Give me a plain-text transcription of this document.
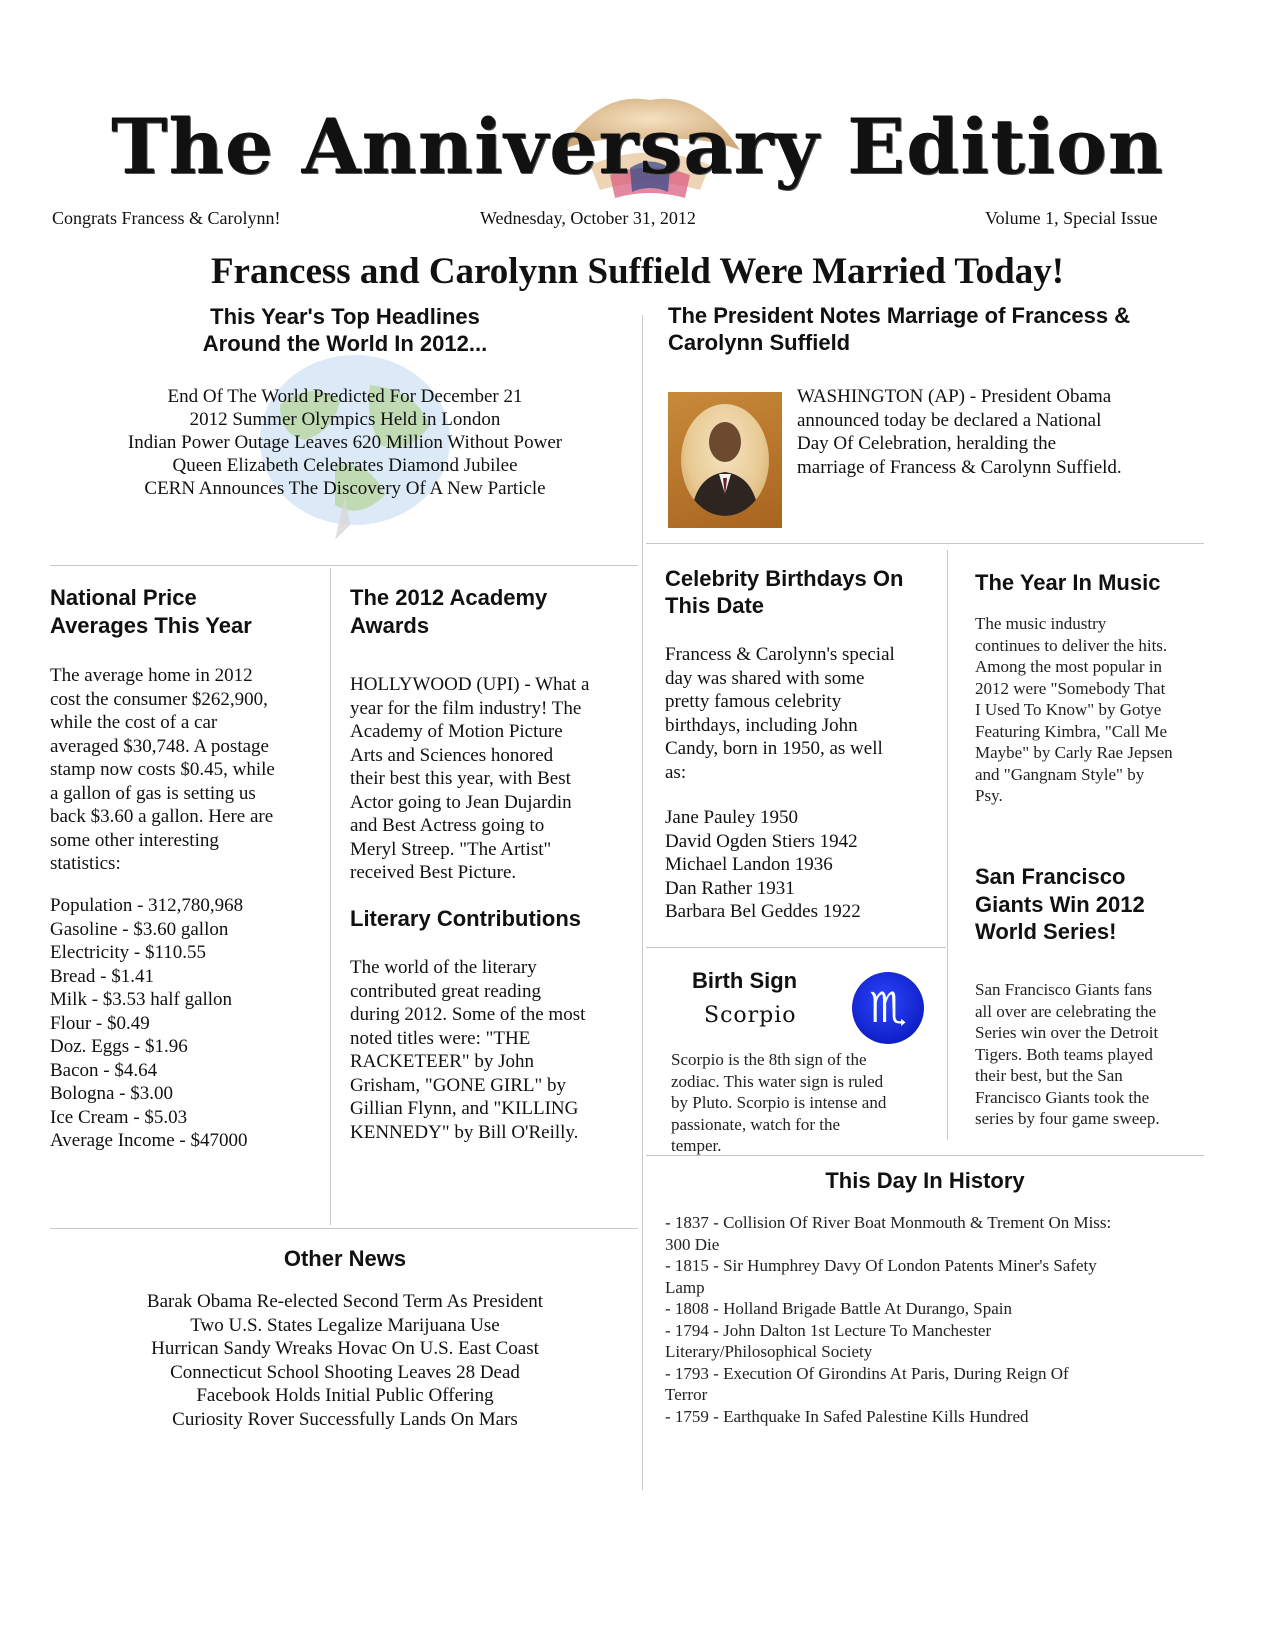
The Anniversary Edition
Congrats Francess & Carolynn!	Wednesday, October 31, 2012	Volume 1, Special Issue
Francess and Carolynn Suffield Were Married Today!
This Year's Top Headlines
Around the World In 2012...
End Of The World Predicted For December 21
2012 Summer Olympics Held in London
Indian Power Outage Leaves 620 Million Without Power
Queen Elizabeth Celebrates Diamond Jubilee
CERN Announces The Discovery Of A New Particle
The President Notes Marriage of Francess &
Carolynn Suffield
WASHINGTON (AP) - President Obama
announced today be declared a National
Day Of Celebration, heralding the
marriage of Francess & Carolynn Suffield.
National Price
Averages This Year
The average home in 2012
cost the consumer $262,900,
while the cost of a car
averaged $30,748. A postage
stamp now costs $0.45, while
a gallon of gas is setting us
back $3.60 a gallon. Here are
some other interesting
statistics:
Population - 312,780,968
Gasoline - $3.60 gallon
Electricity - $110.55
Bread - $1.41
Milk - $3.53 half gallon
Flour - $0.49
Doz. Eggs - $1.96
Bacon - $4.64
Bologna - $3.00
Ice Cream - $5.03
Average Income - $47000
The 2012 Academy
Awards
HOLLYWOOD (UPI) - What a
year for the film industry! The
Academy of Motion Picture
Arts and Sciences honored
their best this year, with Best
Actor going to Jean Dujardin
and Best Actress going to
Meryl Streep. "The Artist"
received Best Picture.
Literary Contributions
The world of the literary
contributed great reading
during 2012. Some of the most
noted titles were: "THE
RACKETEER" by John
Grisham, "GONE GIRL" by
Gillian Flynn, and "KILLING
KENNEDY" by Bill O'Reilly.
Other News
Barak Obama Re-elected Second Term As President
Two U.S. States Legalize Marijuana Use
Hurrican Sandy Wreaks Hovac On U.S. East Coast
Connecticut School Shooting Leaves 28 Dead
Facebook Holds Initial Public Offering
Curiosity Rover Successfully Lands On Mars
Celebrity Birthdays On
This Date
Francess & Carolynn's special
day was shared with some
pretty famous celebrity
birthdays, including John
Candy, born in 1950, as well
as:
Jane Pauley 1950
David Ogden Stiers 1942
Michael Landon 1936
Dan Rather 1931
Barbara Bel Geddes 1922
Birth Sign
Scorpio	♏
Scorpio is the 8th sign of the
zodiac. This water sign is ruled
by Pluto. Scorpio is intense and
passionate, watch for the
temper.
The Year In Music
The music industry
continues to deliver the hits.
Among the most popular in
2012 were "Somebody That
I Used To Know" by Gotye
Featuring Kimbra, "Call Me
Maybe" by Carly Rae Jepsen
and "Gangnam Style" by
Psy.
San Francisco
Giants Win 2012
World Series!
San Francisco Giants fans
all over are celebrating the
Series win over the Detroit
Tigers. Both teams played
their best, but the San
Francisco Giants took the
series by four game sweep.
This Day In History
- 1837 - Collision Of River Boat Monmouth & Trement On Miss:
300 Die
- 1815 - Sir Humphrey Davy Of London Patents Miner's Safety
Lamp
- 1808 - Holland Brigade Battle At Durango, Spain
- 1794 - John Dalton 1st Lecture To Manchester
Literary/Philosophical Society
- 1793 - Execution Of Girondins At Paris, During Reign Of
Terror
- 1759 - Earthquake In Safed Palestine Kills Hundred
